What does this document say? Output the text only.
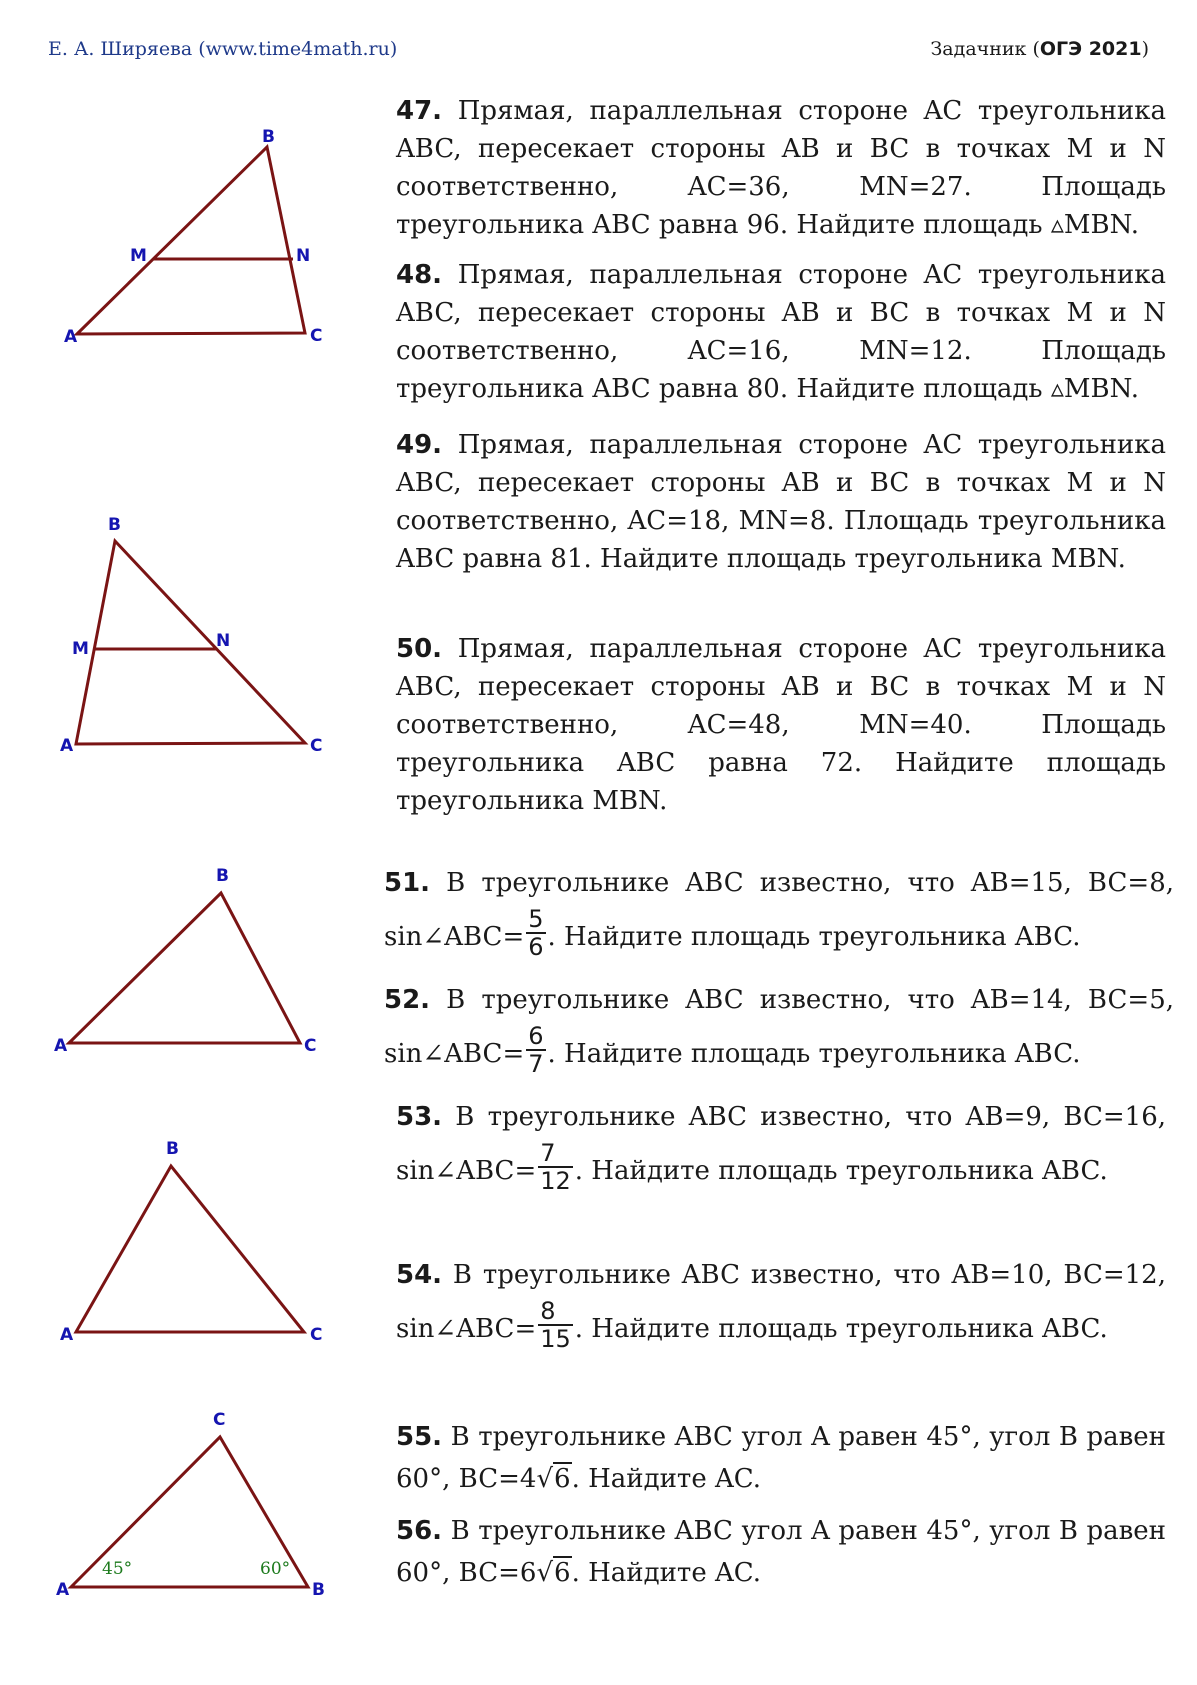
Е. А. Ширяева (www.time4math.ru)	Задачник (ОГЭ 2021)
A
B
C
M	N
A
B
C
M	N
A
B
C
A
B
C
A
C
B
45°	60°
47. Прямая, параллельная стороне AC треугольника ABC, пересекает стороны AB и BC в точках M и N соответственно, AC=36, MN=27. Площадь треугольника ABC равна 96. Найдите площадь ▵MBN.
48. Прямая, параллельная стороне AC треугольника ABC, пересекает стороны AB и BC в точках M и N соответственно, AC=16, MN=12. Площадь треугольника ABC равна 80. Найдите площадь ▵MBN.
49. Прямая, параллельная стороне AC треугольника ABC, пересекает стороны AB и BC в точках M и N соответственно, AC=18, MN=8. Площадь треугольника ABC равна 81. Найдите площадь треугольника MBN.
50. Прямая, параллельная стороне AC треугольника ABC, пересекает стороны AB и BC в точках M и N соответственно, AC=48, MN=40. Площадь треугольника ABC равна 72. Найдите площадь треугольника MBN.
51. В треугольнике ABC известно, что AB=15, BC=8, sin∠ABC= $\frac{5}{6}$ . Найдите площадь треугольника ABC.
52. В треугольнике ABC известно, что AB=14, BC=5, sin∠ABC= $\frac{6}{7}$ . Найдите площадь треугольника ABC.
53. В треугольнике ABC известно, что AB=9, BC=16, sin∠ABC= $\frac{7}{12}$ . Найдите площадь треугольника ABC.
54. В треугольнике ABC известно, что AB=10, BC=12, sin∠ABC= $\frac{8}{15}$ . Найдите площадь треугольника ABC.
55. В треугольнике ABC угол A равен 45°, угол B равен 60°, BC=4√6. Найдите AC.
56. В треугольнике ABC угол A равен 45°, угол B равен 60°, BC=6√6. Найдите AC.
